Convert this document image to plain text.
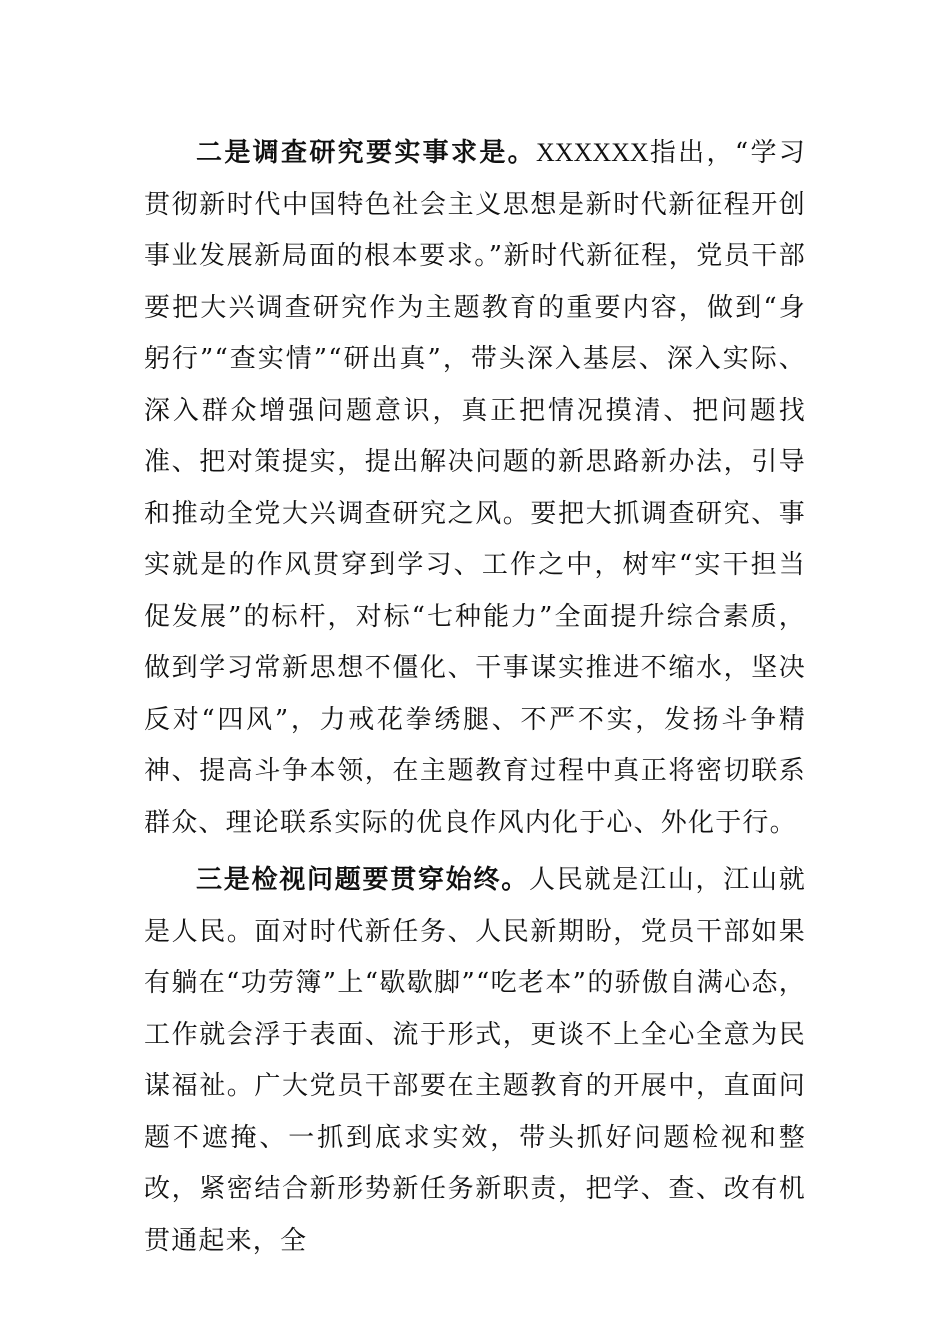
二是调查研究要实事求是。XXXXXX指出，“学习贯彻新时代中国特色社会主义思想是新时代新征程开创事业发展新局面的根本要求。”新时代新征程，党员干部要把大兴调查研究作为主题教育的重要内容，做到“身躬行”“查实情”“研出真”，带头深入基层、深入实际、深入群众增强问题意识，真正把情况摸清、把问题找准、把对策提实，提出解决问题的新思路新办法，引导和推动全党大兴调查研究之风。要把大抓调查研究、事实就是的作风贯穿到学习、工作之中，树牢“实干担当促发展”的标杆，对标“七种能力”全面提升综合素质，做到学习常新思想不僵化、干事谋实推进不缩水，坚决反对“四风”，力戒花拳绣腿、不严不实，发扬斗争精神、提高斗争本领，在主题教育过程中真正将密切联系群众、理论联系实际的优良作风内化于心、外化于行。

三是检视问题要贯穿始终。人民就是江山，江山就是人民。面对时代新任务、人民新期盼，党员干部如果有躺在“功劳簿”上“歇歇脚”“吃老本”的骄傲自满心态，工作就会浮于表面、流于形式，更谈不上全心全意为民谋福祉。广大党员干部要在主题教育的开展中，直面问题不遮掩、一抓到底求实效，带头抓好问题检视和整改，紧密结合新形势新任务新职责，把学、查、改有机贯通起来，全
